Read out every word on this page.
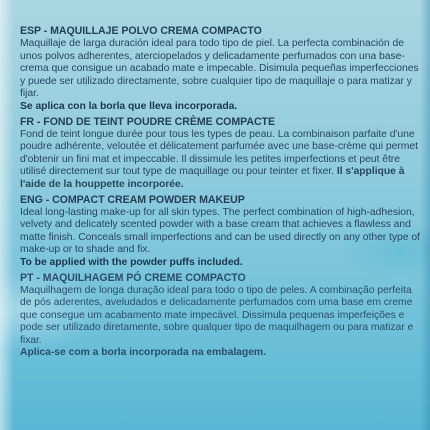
ESP - MAQUILLAJE POLVO CREMA COMPACTO

Maquillaje de larga duración ideal para todo tipo de piel. La perfecta combinación de unos polvos adherentes, aterciopelados y delicadamente perfumados con una base-crema que consigue un acabado mate e impecable. Disimula pequeñas imperfecciones y puede ser utilizado directamente, sobre cualquier tipo de maquillaje o para matizar y fijar.

Se aplica con la borla que lleva incorporada.

FR - FOND DE TEINT POUDRE CRÈME COMPACTE

Fond de teint longue durée pour tous les types de peau. La combinaison parfaite d'une poudre adhérente, veloutée et délicatement parfumée avec une base-crème qui permet d'obtenir un fini mat et impeccable. Il dissimule les petites imperfections et peut être utilisé directement sur tout type de maquillage ou pour teinter et fixer. Il s'applique à l'aide de la houppette incorporée.

ENG - COMPACT CREAM POWDER MAKEUP

Ideal long-lasting make-up for all skin types. The perfect combination of high-adhesion, velvety and delicately scented powder with a base cream that achieves a flawless and matte finish. Conceals small imperfections and can be used directly on any other type of make-up or to shade and fix.

To be applied with the powder puffs included.

PT - MAQUILHAGEM PÓ CREME COMPACTO

Maquilhagem de longa duração ideal para todo o tipo de peles. A combinação perfeita de pós aderentes, aveludados e delicadamente perfumados com uma base em creme que consegue um acabamento mate impecável. Dissimula pequenas imperfeições e pode ser utilizado diretamente, sobre qualquer tipo de maquilhagem ou para matizar e fixar.

Aplica-se com a borla incorporada na embalagem.
